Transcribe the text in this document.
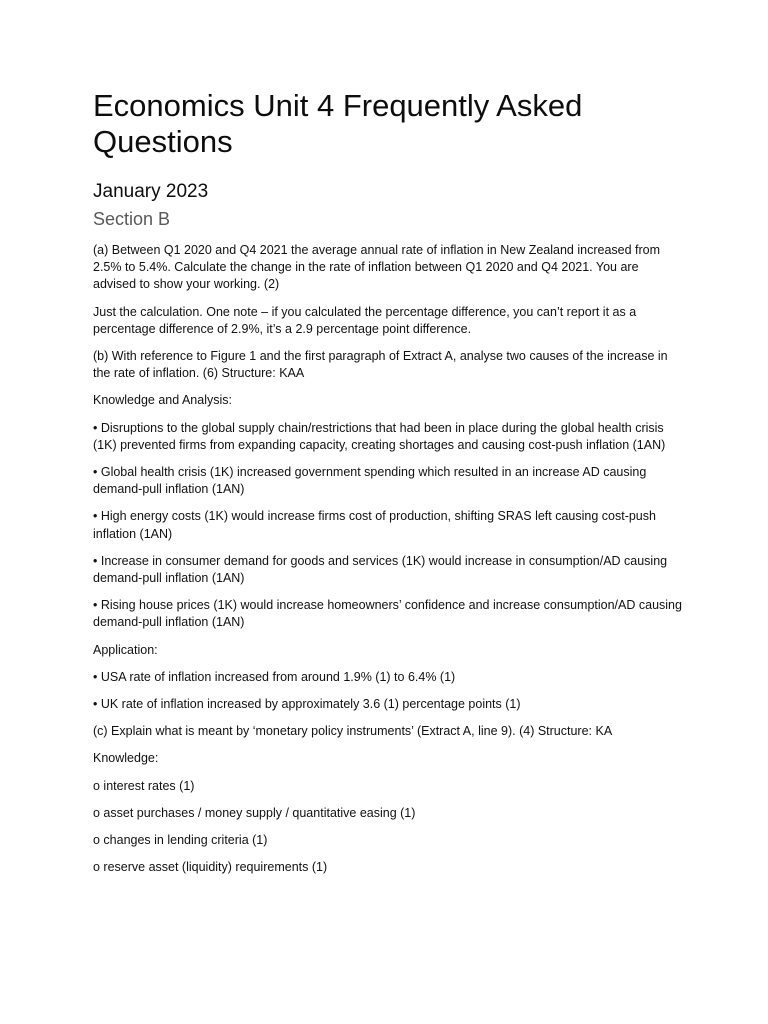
Economics Unit 4 Frequently Asked Questions
January 2023
Section B

(a) Between Q1 2020 and Q4 2021 the average annual rate of inflation in New Zealand increased from 2.5% to 5.4%. Calculate the change in the rate of inflation between Q1 2020 and Q4 2021. You are advised to show your working. (2)

Just the calculation. One note – if you calculated the percentage difference, you can’t report it as a percentage difference of 2.9%, it’s a 2.9 percentage point difference.

(b) With reference to Figure 1 and the first paragraph of Extract A, analyse two causes of the increase in the rate of inflation. (6) Structure: KAA

Knowledge and Analysis:

• Disruptions to the global supply chain/restrictions that had been in place during the global health crisis (1K) prevented firms from expanding capacity, creating shortages and causing cost-push inflation (1AN)

• Global health crisis (1K) increased government spending which resulted in an increase AD causing demand-pull inflation (1AN)

• High energy costs (1K) would increase firms cost of production, shifting SRAS left causing cost-push inflation (1AN)

• Increase in consumer demand for goods and services (1K) would increase in consumption/AD causing demand-pull inflation (1AN)

• Rising house prices (1K) would increase homeowners’ confidence and increase consumption/AD causing demand-pull inflation (1AN)

Application:

• USA rate of inflation increased from around 1.9% (1) to 6.4% (1)

• UK rate of inflation increased by approximately 3.6 (1) percentage points (1)

(c) Explain what is meant by ‘monetary policy instruments’ (Extract A, line 9). (4) Structure: KA

Knowledge:

o interest rates (1)

o asset purchases / money supply / quantitative easing (1)

o changes in lending criteria (1)

o reserve asset (liquidity) requirements (1)
